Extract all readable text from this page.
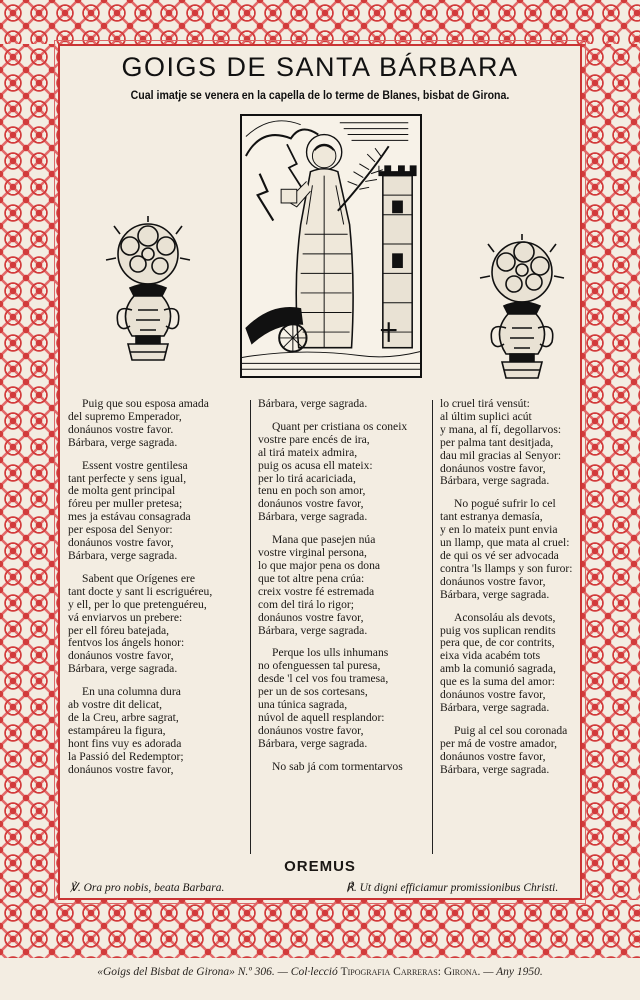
GOIGS DE SANTA BÁRBARA
Cual imatje se venera en la capella de lo terme de Blanes, bisbat de Girona.
Puig que sou esposa amada
del supremo Emperador,
donáunos vostre favor.
Bárbara, verge sagrada.
Essent vostre gentilesa
tant perfecte y sens igual,
de molta gent principal
fóreu per muller pretesa;
mes ja estávau consagrada
per esposa del Senyor:
donáunos vostre favor,
Bárbara, verge sagrada.
Sabent que Orígenes ere
tant docte y sant li escriguéreu,
y ell, per lo que pretenguéreu,
vá enviarvos un prebere:
per ell fóreu batejada,
fentvos los ángels honor:
donáunos vostre favor,
Bárbara, verge sagrada.
En una columna dura
ab vostre dit delicat,
de la Creu, arbre sagrat,
estampáreu la figura,
hont fins vuy es adorada
la Passió del Redemptor;
donáunos vostre favor,
Bárbara, verge sagrada.
Quant per cristiana os coneix
vostre pare encés de ira,
al tirá mateix admira,
puig os acusa ell mateix:
per lo tirá acariciada,
tenu en poch son amor,
donáunos vostre favor,
Bárbara, verge sagrada.
Mana que pasejen núa
vostre virginal persona,
lo que major pena os dona
que tot altre pena crúa:
creix vostre fé estremada
com del tirá lo rigor;
donáunos vostre favor,
Bárbara, verge sagrada.
Perque los ulls inhumans
no ofenguessen tal puresa,
desde 'l cel vos fou tramesa,
per un de sos cortesans,
una túnica sagrada,
núvol de aquell resplandor:
donáunos vostre favor,
Bárbara, verge sagrada.
No sab já com tormentarvos
lo cruel tirá vensút:
al últim suplici acút
y mana, al fí, degollarvos:
per palma tant desitjada,
dau mil gracias al Senyor:
donáunos vostre favor,
Bárbara, verge sagrada.
No pogué sufrir lo cel
tant estranya demasía,
y en lo mateix punt envia
un llamp, que mata al cruel:
de qui os vé ser advocada
contra 'ls llamps y son furor:
donáunos vostre favor,
Bárbara, verge sagrada.
Aconsoláu als devots,
puig vos suplican rendits
pera que, de cor contrits,
eixa vida acabém tots
amb la comunió sagrada,
que es la suma del amor:
donáunos vostre favor,
Bárbara, verge sagrada.
Puig al cel sou coronada
per má de vostre amador,
donáunos vostre favor,
Bárbara, verge sagrada.
OREMUS
℣. Ora pro nobis, beata Barbara.	℟. Ut digni efficiamur promissionibus Christi.
«Goigs del Bisbat de Girona» N.º 306. — Col·lecció Tipografia Carreras: Girona. — Any 1950.
